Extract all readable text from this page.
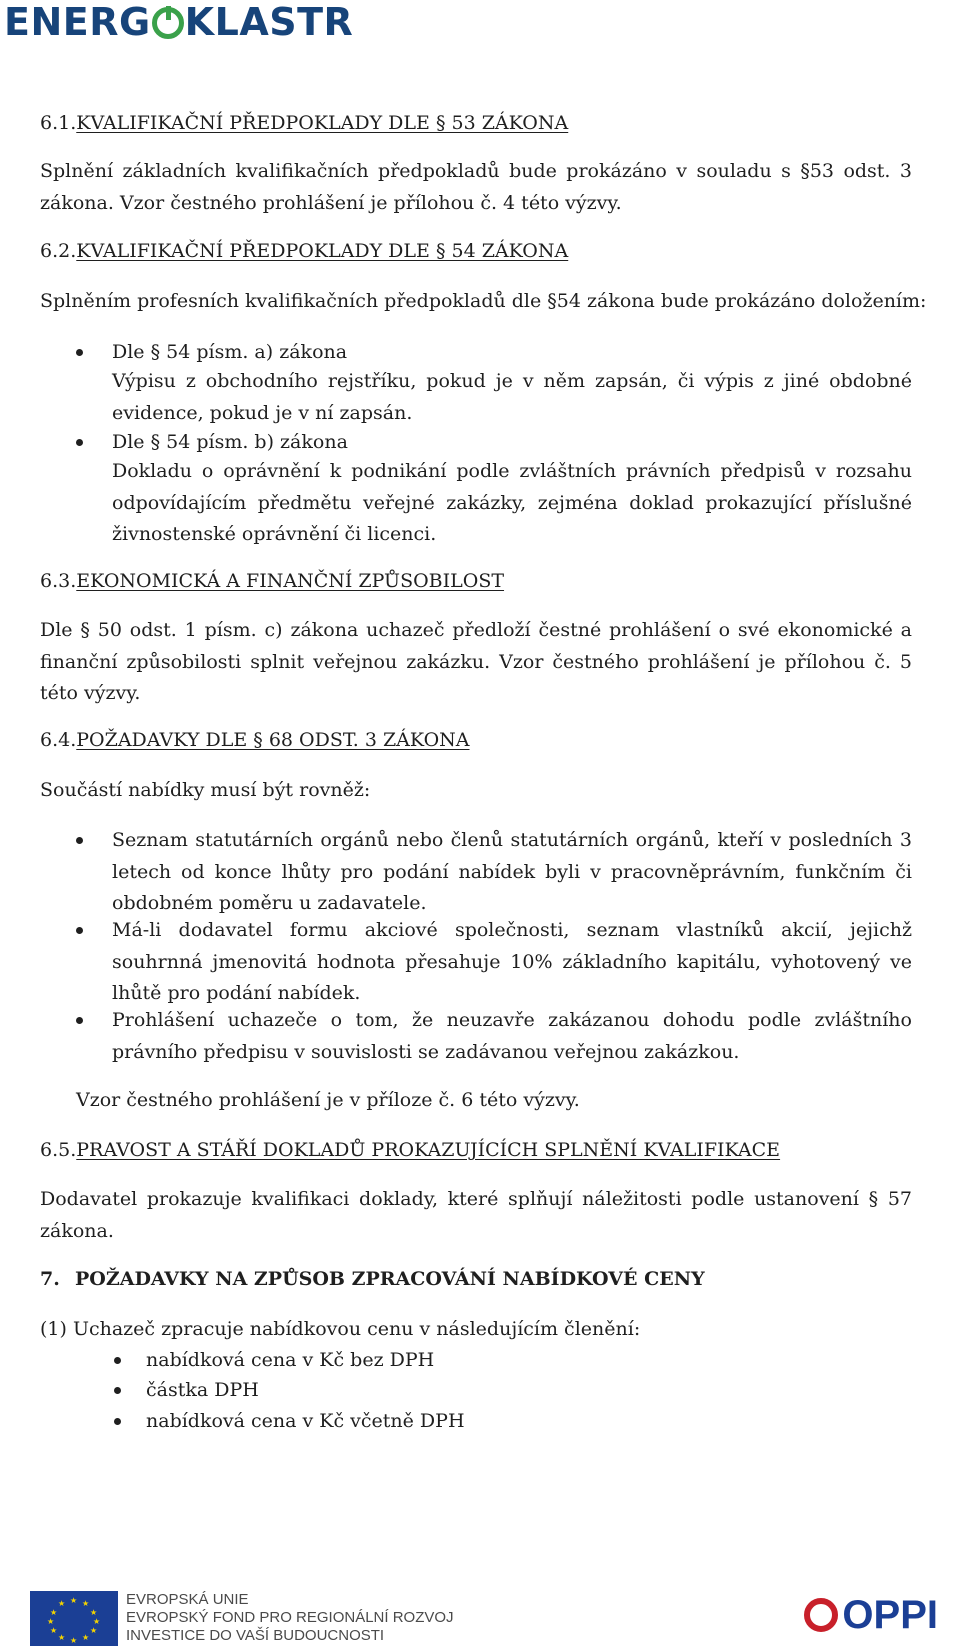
ENERG KLASTR
6.1.KVALIFIKAČNÍ PŘEDPOKLADY DLE § 53 ZÁKONA
Splnění základních kvalifikačních předpokladů bude prokázáno v souladu s §53 odst. 3 zákona. Vzor čestného prohlášení je přílohou č. 4 této výzvy.
6.2.KVALIFIKAČNÍ PŘEDPOKLADY DLE § 54 ZÁKONA
Splněním profesních kvalifikačních předpokladů dle §54 zákona bude prokázáno doložením:
Dle § 54 písm. a) zákona
Výpisu z obchodního rejstříku, pokud je v něm zapsán, či výpis z jiné obdobné evidence, pokud je v ní zapsán.
Dle § 54 písm. b) zákona
Dokladu o oprávnění k podnikání podle zvláštních právních předpisů v rozsahu odpovídajícím předmětu veřejné zakázky, zejména doklad prokazující příslušné živnostenské oprávnění či licenci.
6.3.EKONOMICKÁ A FINANČNÍ ZPŮSOBILOST
Dle § 50 odst. 1 písm. c) zákona uchazeč předloží čestné prohlášení o své ekonomické a finanční způsobilosti splnit veřejnou zakázku. Vzor čestného prohlášení je přílohou č. 5 této výzvy.
6.4.POŽADAVKY DLE § 68 ODST. 3 ZÁKONA
Součástí nabídky musí být rovněž:
Seznam statutárních orgánů nebo členů statutárních orgánů, kteří v posledních 3 letech od konce lhůty pro podání nabídek byli v pracovněprávním, funkčním či obdobném poměru u zadavatele.
Má-li dodavatel formu akciové společnosti, seznam vlastníků akcií, jejichž souhrnná jmenovitá hodnota přesahuje 10% základního kapitálu, vyhotovený ve lhůtě pro podání nabídek.
Prohlášení uchazeče o tom, že neuzavře zakázanou dohodu podle zvláštního právního předpisu v souvislosti se zadávanou veřejnou zakázkou.
Vzor čestného prohlášení je v příloze č. 6 této výzvy.
6.5.PRAVOST A STÁŘÍ DOKLADŮ PROKAZUJÍCÍCH SPLNĚNÍ KVALIFIKACE
Dodavatel prokazuje kvalifikaci doklady, které splňují náležitosti podle ustanovení § 57 zákona.
7. POŽADAVKY NA ZPŮSOB ZPRACOVÁNÍ NABÍDKOVÉ CENY
(1) Uchazeč zpracuje nabídkovou cenu v následujícím členění:
nabídková cena v Kč bez DPH
částka DPH
nabídková cena v Kč včetně DPH
★ ★
★
★
★
★
★
★
★
★
★
★	EVROPSKÁ UNIE
EVROPSKÝ FOND PRO REGIONÁLNÍ ROZVOJ
INVESTICE DO VAŠÍ BUDOUCNOSTI	OPPI
